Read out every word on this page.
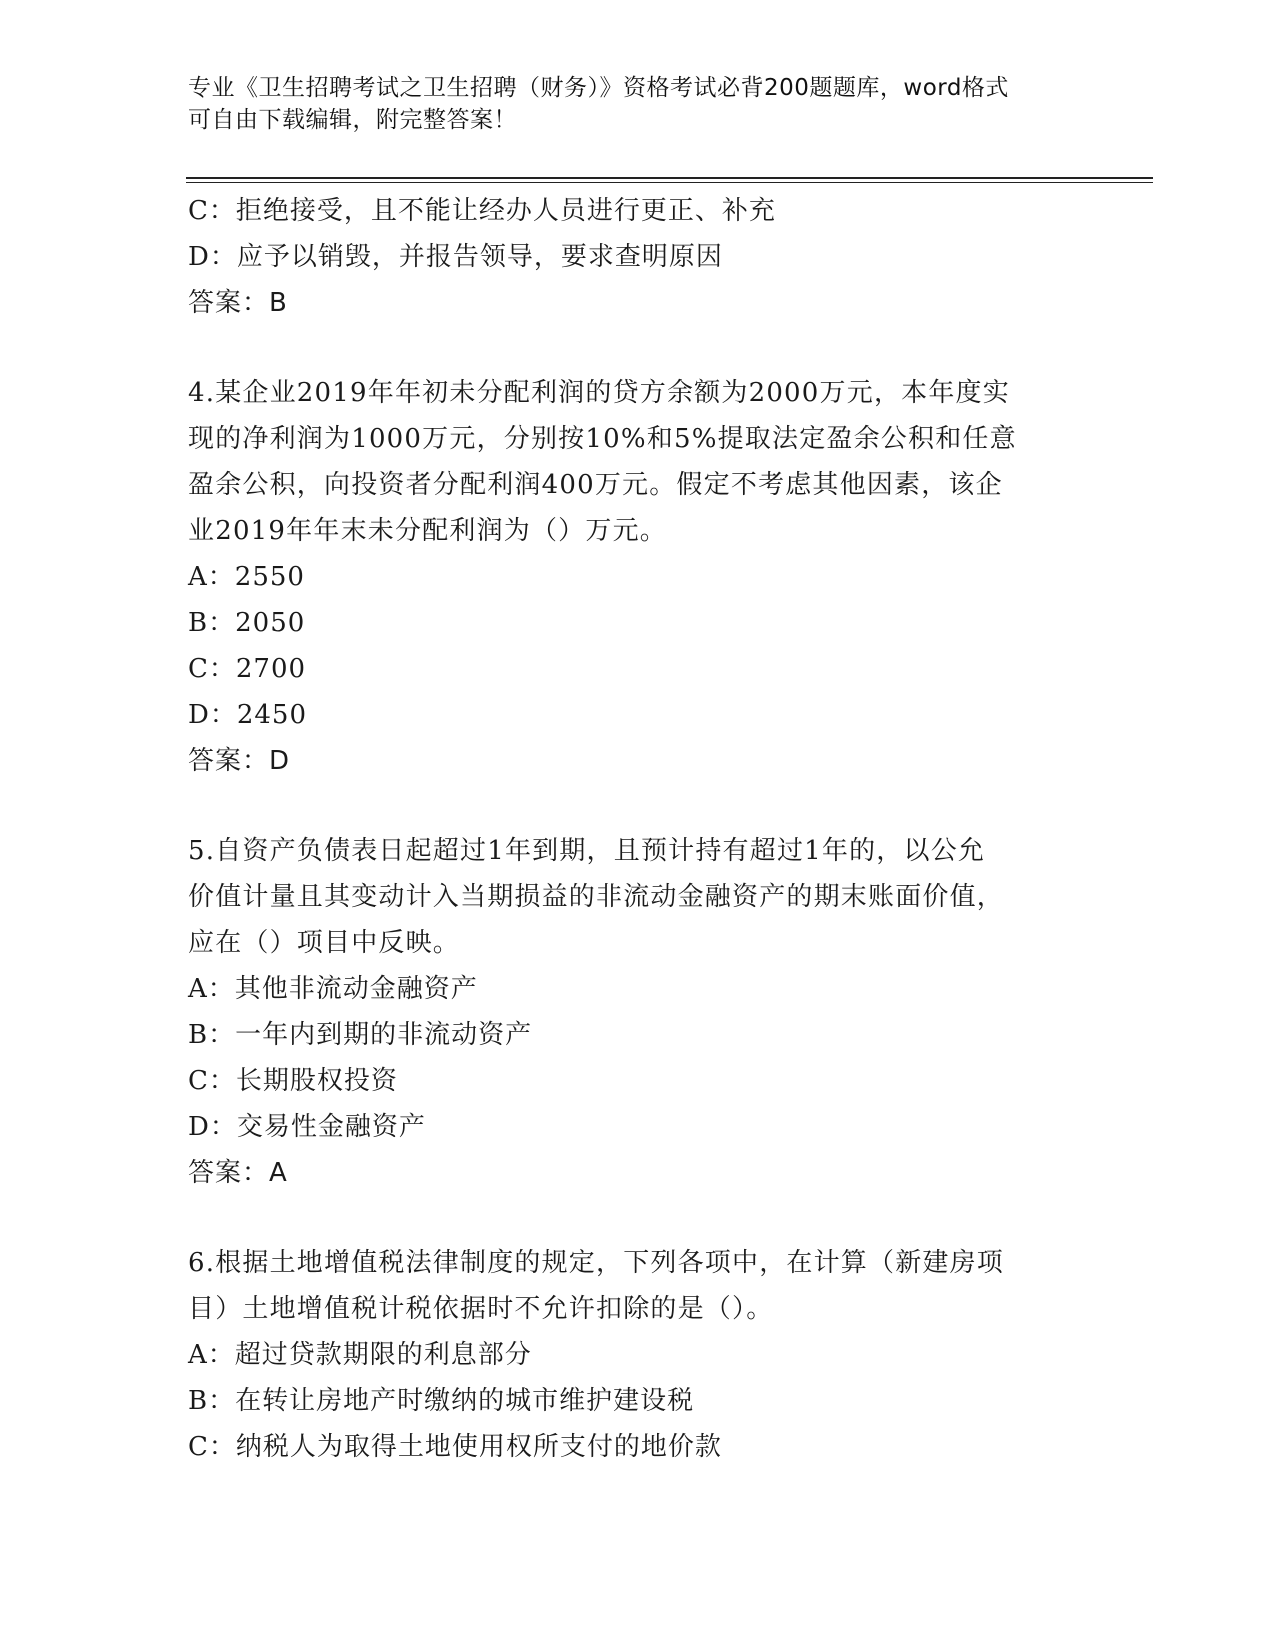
专业《卫生招聘考试之卫生招聘（财务）》资格考试必背200题题库，word格式
可自由下载编辑，附完整答案！
C：拒绝接受，且不能让经办人员进行更正、补充
D：应予以销毁，并报告领导，要求查明原因
答案：B
4.某企业2019年年初未分配利润的贷方余额为2000万元，本年度实
现的净利润为1000万元，分别按10%和5%提取法定盈余公积和任意
盈余公积，向投资者分配利润400万元。假定不考虑其他因素，该企
业2019年年末未分配利润为（）万元。
A：2550
B：2050
C：2700
D：2450
答案：D
5.自资产负债表日起超过1年到期，且预计持有超过1年的，以公允
价值计量且其变动计入当期损益的非流动金融资产的期末账面价值，
应在（）项目中反映。
A：其他非流动金融资产
B：一年内到期的非流动资产
C：长期股权投资
D：交易性金融资产
答案：A
6.根据土地增值税法律制度的规定，下列各项中，在计算（新建房项
目）土地增值税计税依据时不允许扣除的是（）。
A：超过贷款期限的利息部分
B：在转让房地产时缴纳的城市维护建设税
C：纳税人为取得土地使用权所支付的地价款
